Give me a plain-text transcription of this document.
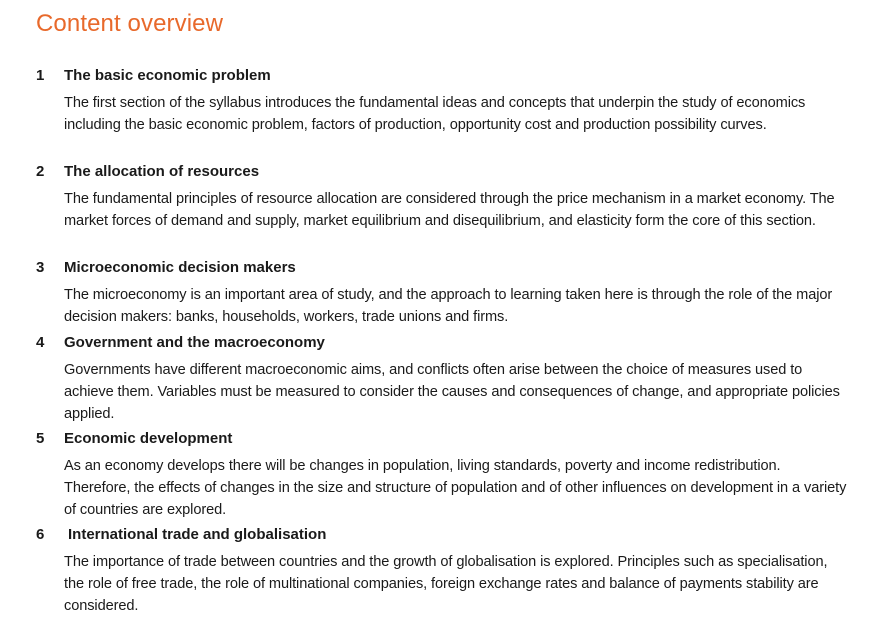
Content overview
1 The basic economic problem

The first section of the syllabus introduces the fundamental ideas and concepts that underpin the study of economics including the basic economic problem, factors of production, opportunity cost and production possibility curves.

2 The allocation of resources

The fundamental principles of resource allocation are considered through the price mechanism in a market economy. The market forces of demand and supply, market equilibrium and disequilibrium, and elasticity form the core of this section.

3 Microeconomic decision makers

The microeconomy is an important area of study, and the approach to learning taken here is through the role of the major decision makers: banks, households, workers, trade unions and firms.

4 Government and the macroeconomy

Governments have different macroeconomic aims, and conflicts often arise between the choice of measures used to achieve them. Variables must be measured to consider the causes and consequences of change, and appropriate policies applied.

5 Economic development

As an economy develops there will be changes in population, living standards, poverty and income redistribution. Therefore, the effects of changes in the size and structure of population and of other influences on development in a variety of countries are explored.

6 International trade and globalisation

The importance of trade between countries and the growth of globalisation is explored. Principles such as specialisation, the role of free trade, the role of multinational companies, foreign exchange rates and balance of payments stability are considered.
